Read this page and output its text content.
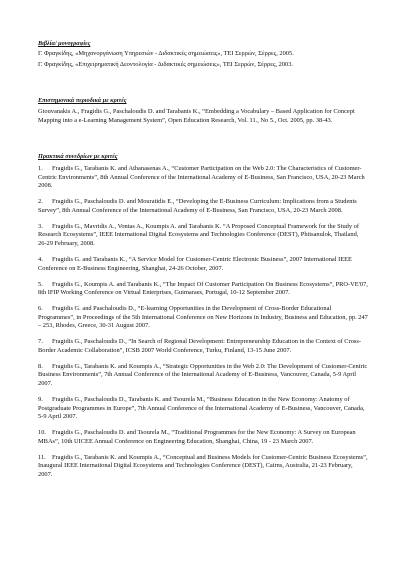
Βιβλία/ μονογραφίες

Γ. Φραγκίδης, «Μηχανοργάνωση Υπηρεσιών - Διδακτικές σημειώσεις», ΤΕΙ Σερρών, Σέρρες, 2005.

Γ. Φραγκίδης, «Επιχειρηματική Δεοντολογία - Διδακτικές σημειώσεις», ΤΕΙ Σερρών, Σέρρες, 2003.

Επιστημονικά περιοδικά με κριτές

Giouvanakis A., Fragidis G., Paschaloudis D. and Tarabanis K., “Embedding a Vocabulary – Based Application for Concept Mapping into a e-Learning Management System”, Open Education Research, Vol. 11., No 5., Oct. 2005, pp. 38-43.

Πρακτικά συνεδρίων με κριτές

1. Fragidis G., Tarabanis K. and Athanasenas A., “Customer Participation on the Web 2.0: The Characteristics of Customer-Centric Environments”, 8th Annual Conference of the International Academy of E-Business, San Francisco, USA, 20-23 March 2008.
2. Fragidis G., Paschaloudis D. and Mouratidis E., “Developing the E-Business Curriculum: Implications from a Students Survey”, 8th Annual Conference of the International Academy of E-Business, San Francisco, USA, 20-23 March 2008.
3. Fragidis G., Mavridis A., Vontas A., Koumpis A. and Tarabanis K. “A Proposed Conceptual Framework for the Study of Research Ecosystems”, IEEE International Digital Ecosystems and Technologies Conference (DEST), Phitsanulok, Thailand, 26-29 February, 2008.
4. Fragidis G. and Tarabanis K., “A Service Model for Customer-Centric Electronic Business”, 2007 International IEEE Conference on E-Business Engineering, Shanghai, 24-26 October, 2007.
5. Fragidis G., Koumpis A. and Tarabanis K., “The Impact Of Customer Participation On Business Ecosystems”, PRO-VE'07, 8th IFIP Working Conference on Virtual Enterprises, Guimaraes, Portugal, 10-12 September 2007.
6. Fragidis G. and Paschaloudis D., “E-learning Opportunities in the Development of Cross-Border Educational Programmes”, in Proceedings of the 5th International Conference on New Horizons in Industry, Business and Education, pp. 247 – 253, Rhodes, Greece, 30-31 August 2007.
7. Fragidis G., Paschaloudis D., “In Search of Regional Development: Entrepreneurship Education in the Context of Cross-Border Academic Collaboration”, ICSB 2007 World Conference, Turku, Finland, 13-15 June 2007.
8. Fragidis G., Tarabanis K. and Koumpis A., “Strategic Opportunities in the Web 2.0: The Development of Customer-Centric Business Environments”, 7th Annual Conference of the International Academy of E-Business, Vancouver, Canada, 5-9 April 2007.
9. Fragidis G., Paschaloudis D., Tarabanis K. and Tsourela M., “Business Education in the New Economy: Anatomy of Postgraduate Programmes in Europe”, 7th Annual Conference of the International Academy of E-Business, Vancouver, Canada, 5-9 April 2007.
10. Fragidis G., Paschaloudis D. and Tsourela M., “Traditional Programmes for the New Economy: A Survey on European MBAs”, 10th UICEE Annual Conference on Engineering Education, Shanghai, China, 19 - 23 March 2007.
11. Fragidis G., Tarabanis K. and Koumpis A., “Conceptual and Business Models for Customer-Centric Business Ecosystems”, Inaugural IEEE International Digital Ecosystems and Technologies Conference (DEST), Cairns, Australia, 21-23 February, 2007.
